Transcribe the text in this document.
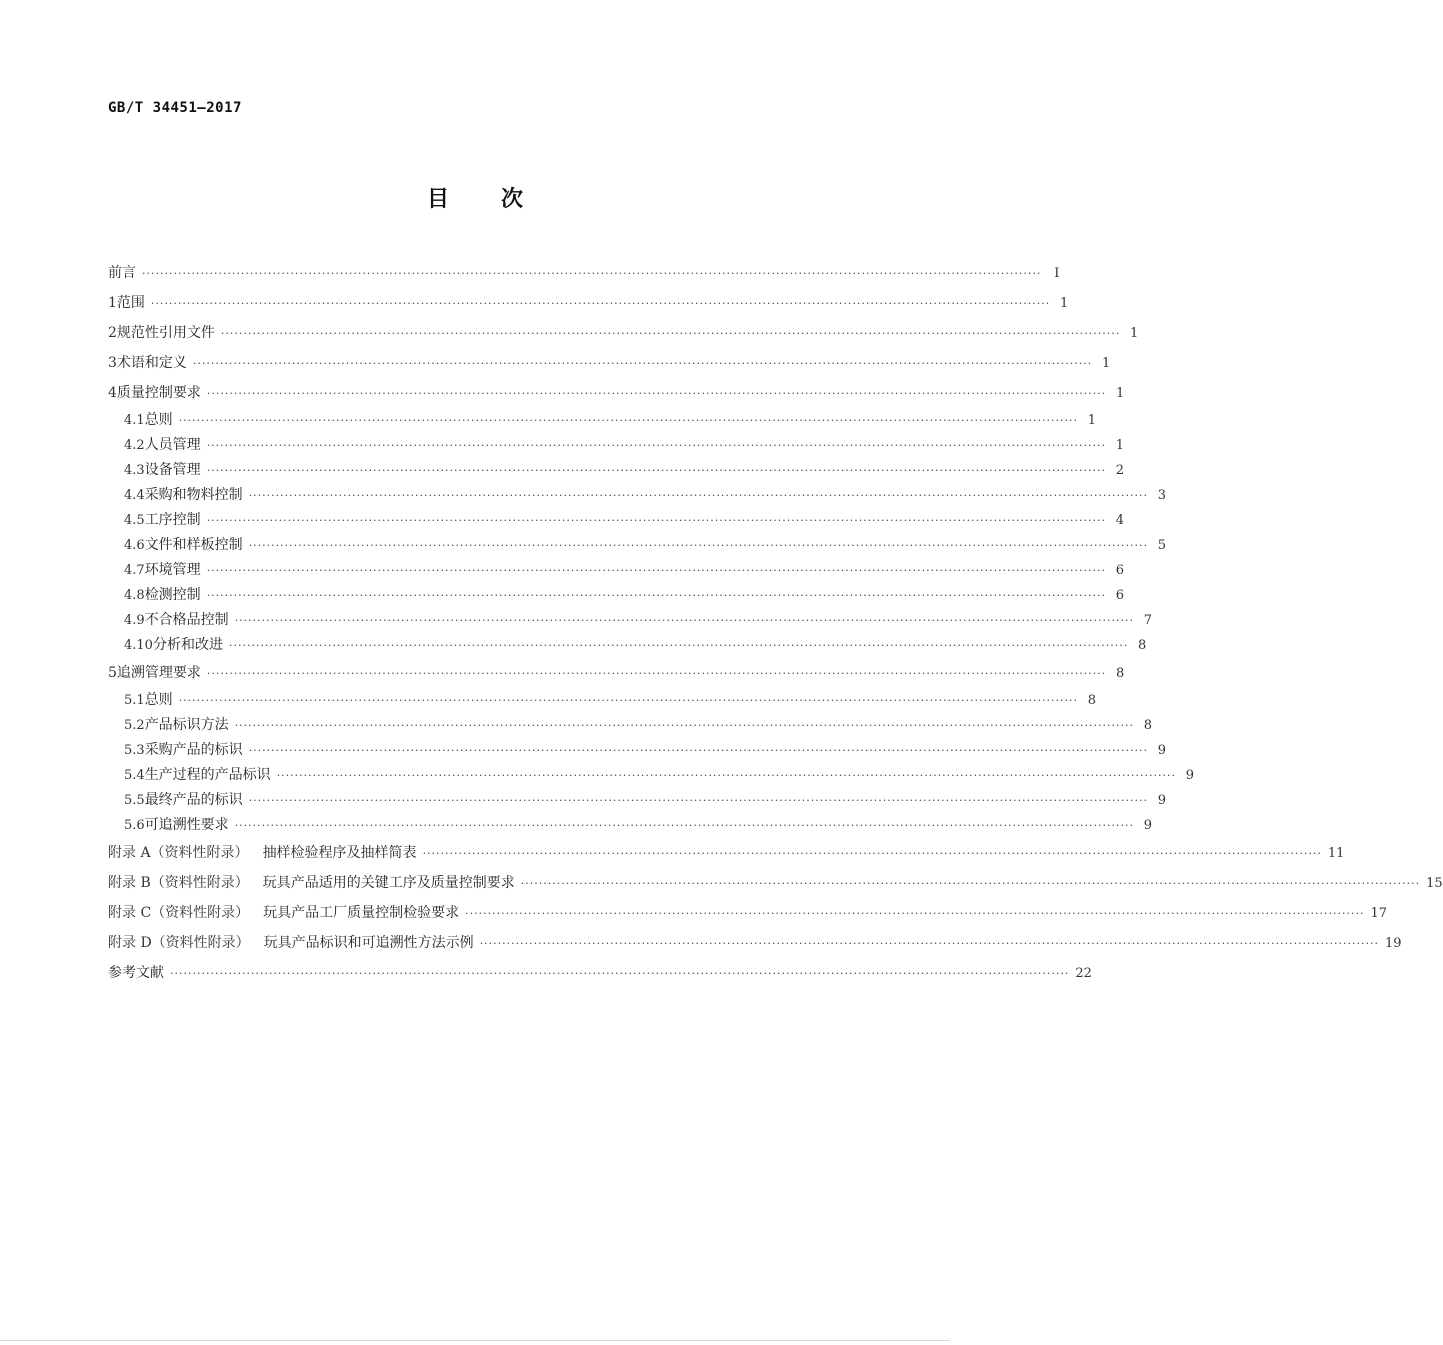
GB/T 34451—2017
目次
前言 ········································································································································································································ Ⅰ
1 范围 ········································································································································································································ 1
2 规范性引用文件 ········································································································································································································ 1
3 术语和定义 ········································································································································································································ 1
4 质量控制要求 ········································································································································································································ 1
4.1 总则 ········································································································································································································ 1
4.2 人员管理 ········································································································································································································ 1
4.3 设备管理 ········································································································································································································ 2
4.4 采购和物料控制 ········································································································································································································ 3
4.5 工序控制 ········································································································································································································ 4
4.6 文件和样板控制 ········································································································································································································ 5
4.7 环境管理 ········································································································································································································ 6
4.8 检测控制 ········································································································································································································ 6
4.9 不合格品控制 ········································································································································································································ 7
4.10 分析和改进 ········································································································································································································ 8
5 追溯管理要求 ········································································································································································································ 8
5.1 总则 ········································································································································································································ 8
5.2 产品标识方法 ········································································································································································································ 8
5.3 采购产品的标识 ········································································································································································································ 9
5.4 生产过程的产品标识 ········································································································································································································ 9
5.5 最终产品的标识 ········································································································································································································ 9
5.6 可追溯性要求 ········································································································································································································ 9
附录 A（资料性附录） 抽样检验程序及抽样简表 ········································································································································································································ 11
附录 B（资料性附录） 玩具产品适用的关键工序及质量控制要求 ········································································································································································································ 15
附录 C（资料性附录） 玩具产品工厂质量控制检验要求 ········································································································································································································ 17
附录 D（资料性附录） 玩具产品标识和可追溯性方法示例 ········································································································································································································ 19
参考文献 ········································································································································································································ 22
